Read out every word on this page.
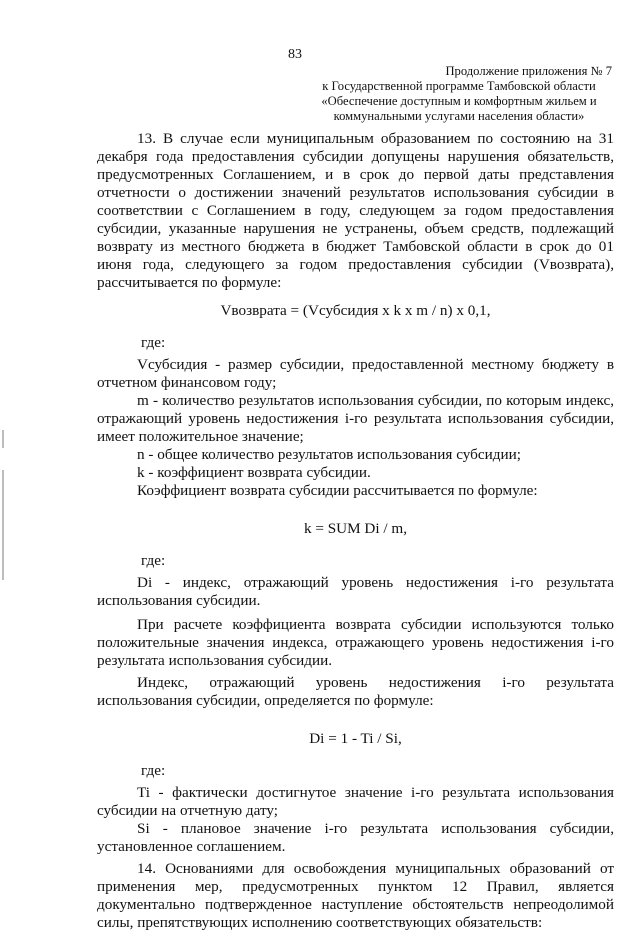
83
Продолжение приложения № 7
к Государственной программе Тамбовской области
«Обеспечение доступным и комфортным жильем и
коммунальными услугами населения области»

13. В случае если муниципальным образованием по состоянию на 31 декабря года предоставления субсидии допущены нарушения обязательств, предусмотренных Соглашением, и в срок до первой даты представления отчетности о достижении значений результатов использования субсидии в соответствии с Соглашением в году, следующем за годом предоставления субсидии, указанные нарушения не устранены, объем средств, подлежащий возврату из местного бюджета в бюджет Тамбовской области в срок до 01 июня года, следующего за годом предоставления субсидии (Vвозврата), рассчитывается по формуле:

Vвозврата = (Vсубсидия x k x m / n) x 0,1,

где:

Vсубсидия - размер субсидии, предоставленной местному бюджету в отчетном финансовом году;

m - количество результатов использования субсидии, по которым индекс, отражающий уровень недостижения i-го результата использования субсидии, имеет положительное значение;

n - общее количество результатов использования субсидии;

k - коэффициент возврата субсидии.

Коэффициент возврата субсидии рассчитывается по формуле:

k = SUM Di / m,

где:

Di - индекс, отражающий уровень недостижения i-го результата использования субсидии.

При расчете коэффициента возврата субсидии используются только положительные значения индекса, отражающего уровень недостижения i-го результата использования субсидии.

Индекс, отражающий уровень недостижения i-го результата использования субсидии, определяется по формуле:

Di = 1 - Ti / Si,

где:

Ti - фактически достигнутое значение i-го результата использования субсидии на отчетную дату;

Si - плановое значение i-го результата использования субсидии, установленное соглашением.

14. Основаниями для освобождения муниципальных образований от применения мер, предусмотренных пунктом 12 Правил, является документально подтвержденное наступление обстоятельств непреодолимой силы, препятствующих исполнению соответствующих обязательств:
